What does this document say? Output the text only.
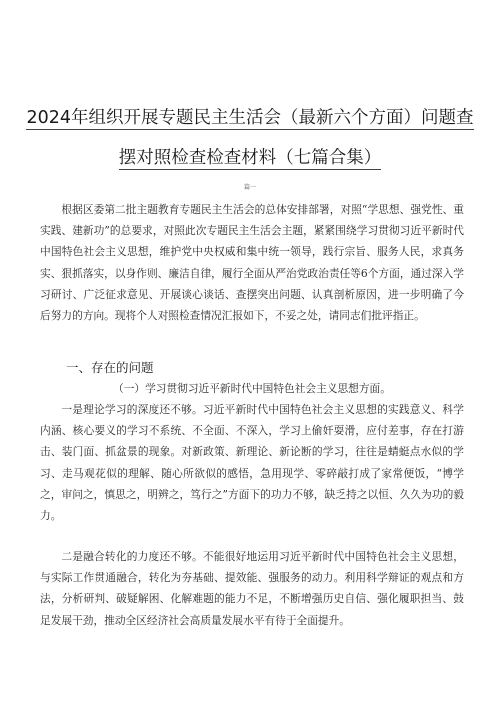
2024年组织开展专题民主生活会（最新六个方面）问题查
摆对照检查检查材料（七篇合集）
篇一

根据区委第二批主题教育专题民主生活会的总体安排部署，对照“学思想、强党性、重实践、建新功”的总要求，对照此次专题民主生活会主题，紧紧围绕学习贯彻习近平新时代中国特色社会主义思想，维护党中央权威和集中统一领导，践行宗旨、服务人民，求真务实、狠抓落实，以身作则、廉洁自律，履行全面从严治党政治责任等6个方面，通过深入学习研讨、广泛征求意见、开展谈心谈话、查摆突出问题、认真剖析原因，进一步明确了今后努力的方向。现将个人对照检查情况汇报如下，不妥之处，请同志们批评指正。

一、存在的问题

（一）学习贯彻习近平新时代中国特色社会主义思想方面。

一是理论学习的深度还不够。习近平新时代中国特色社会主义思想的实践意义、科学内涵、核心要义的学习不系统、不全面、不深入，学习上偷奸耍滑，应付差事，存在打游击、装门面、抓盆景的现象。对新政策、新理论、新论断的学习，往往是蜻蜓点水似的学习、走马观花似的理解、随心所欲似的感悟，急用现学、零碎敲打成了家常便饭，“博学之，审问之，慎思之，明辨之，笃行之”方面下的功力不够，缺乏持之以恒、久久为功的毅力。

二是融合转化的力度还不够。不能很好地运用习近平新时代中国特色社会主义思想，与实际工作贯通融合，转化为夯基础、提效能、强服务的动力。利用科学辩证的观点和方法，分析研判、破疑解困、化解难题的能力不足，不断增强历史自信、强化履职担当、鼓足发展干劲，推动全区经济社会高质量发展水平有待于全面提升。
